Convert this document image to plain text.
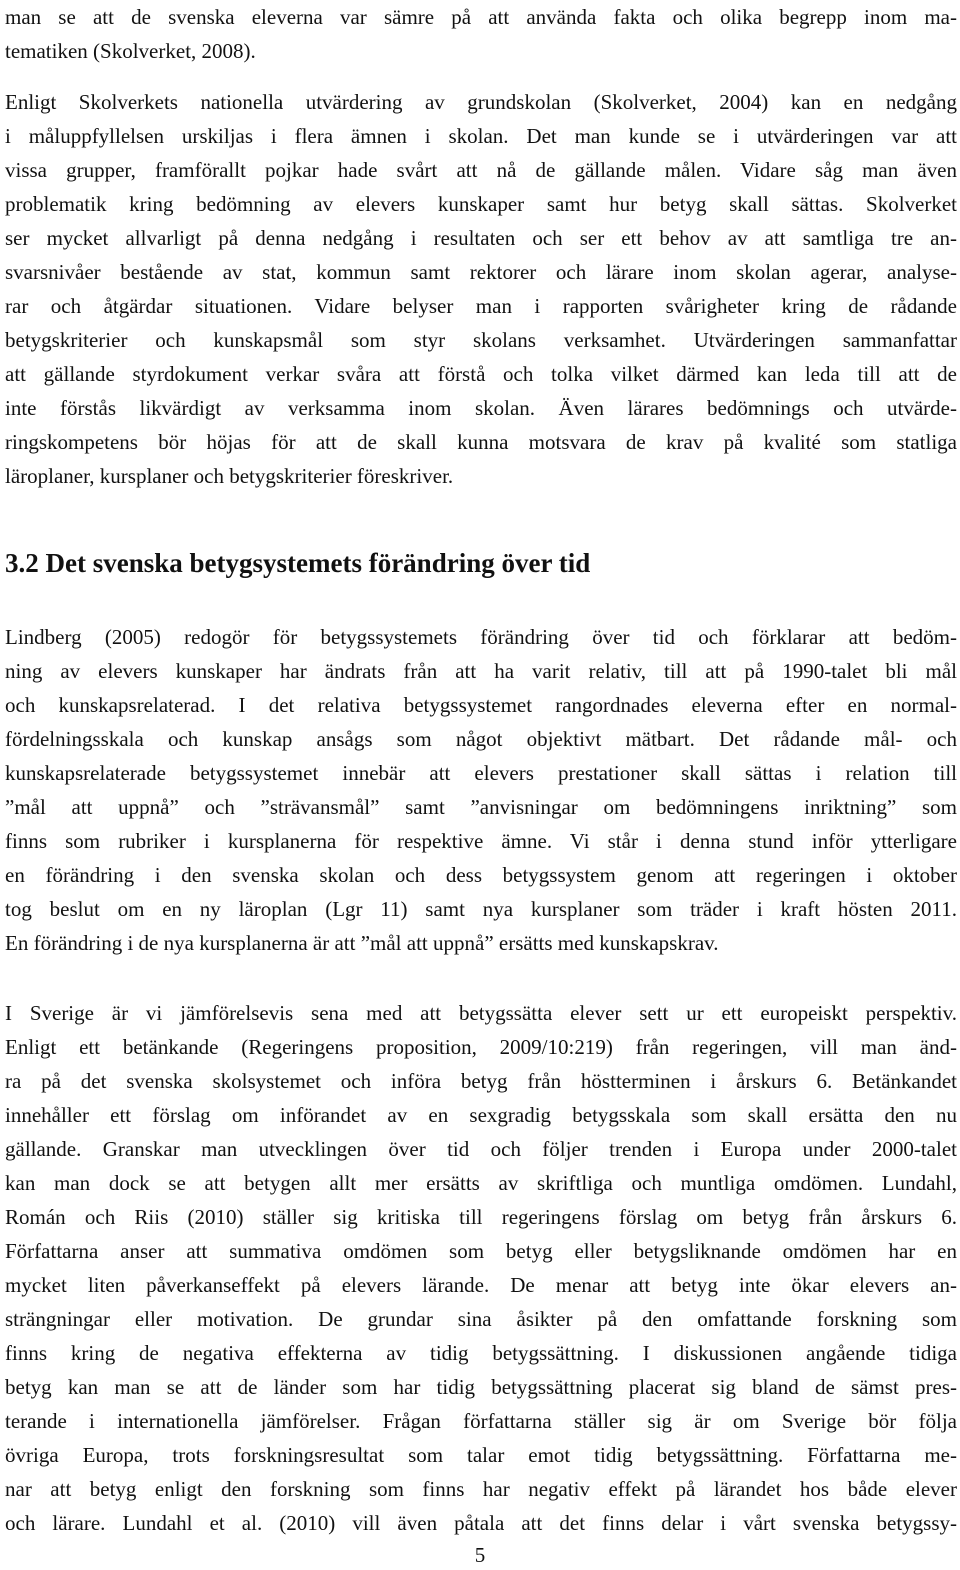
man se att de svenska eleverna var sämre på att använda fakta och olika begrepp inom ma-
tematiken (Skolverket, 2008).

Enligt Skolverkets nationella utvärdering av grundskolan (Skolverket, 2004) kan en nedgång
i måluppfyllelsen urskiljas i flera ämnen i skolan. Det man kunde se i utvärderingen var att
vissa grupper, framförallt pojkar hade svårt att nå de gällande målen. Vidare såg man även
problematik kring bedömning av elevers kunskaper samt hur betyg skall sättas. Skolverket
ser mycket allvarligt på denna nedgång i resultaten och ser ett behov av att samtliga tre an-
svarsnivåer bestående av stat, kommun samt rektorer och lärare inom skolan agerar, analyse-
rar och åtgärdar situationen. Vidare belyser man i rapporten svårigheter kring de rådande
betygskriterier och kunskapsmål som styr skolans verksamhet. Utvärderingen sammanfattar
att gällande styrdokument verkar svåra att förstå och tolka vilket därmed kan leda till att de
inte förstås likvärdigt av verksamma inom skolan. Även lärares bedömnings och utvärde-
ringskompetens bör höjas för att de skall kunna motsvara de krav på kvalité som statliga
läroplaner, kursplaner och betygskriterier föreskriver.

3.2 Det svenska betygsystemets förändring över tid

Lindberg (2005) redogör för betygssystemets förändring över tid och förklarar att bedöm-
ning av elevers kunskaper har ändrats från att ha varit relativ, till att på 1990-talet bli mål
och kunskapsrelaterad. I det relativa betygssystemet rangordnades eleverna efter en normal-
fördelningsskala och kunskap ansågs som något objektivt mätbart. Det rådande mål- och
kunskapsrelaterade betygssystemet innebär att elevers prestationer skall sättas i relation till
”mål att uppnå” och ”strävansmål” samt ”anvisningar om bedömningens inriktning” som
finns som rubriker i kursplanerna för respektive ämne. Vi står i denna stund inför ytterligare
en förändring i den svenska skolan och dess betygssystem genom att regeringen i oktober
tog beslut om en ny läroplan (Lgr 11) samt nya kursplaner som träder i kraft hösten 2011.
En förändring i de nya kursplanerna är att ”mål att uppnå” ersätts med kunskapskrav.

I Sverige är vi jämförelsevis sena med att betygssätta elever sett ur ett europeiskt perspektiv.
Enligt ett betänkande (Regeringens proposition, 2009/10:219) från regeringen, vill man änd-
ra på det svenska skolsystemet och införa betyg från höstterminen i årskurs 6. Betänkandet
innehåller ett förslag om införandet av en sexgradig betygsskala som skall ersätta den nu
gällande. Granskar man utvecklingen över tid och följer trenden i Europa under 2000-talet
kan man dock se att betygen allt mer ersätts av skriftliga och muntliga omdömen. Lundahl,
Román och Riis (2010) ställer sig kritiska till regeringens förslag om betyg från årskurs 6.
Författarna anser att summativa omdömen som betyg eller betygsliknande omdömen har en
mycket liten påverkanseffekt på elevers lärande. De menar att betyg inte ökar elevers an-
strängningar eller motivation. De grundar sina åsikter på den omfattande forskning som
finns kring de negativa effekterna av tidig betygssättning. I diskussionen angående tidiga
betyg kan man se att de länder som har tidig betygssättning placerat sig bland de sämst pres-
terande i internationella jämförelser. Frågan författarna ställer sig är om Sverige bör följa
övriga Europa, trots forskningsresultat som talar emot tidig betygssättning. Författarna me-
nar att betyg enligt den forskning som finns har negativ effekt på lärandet hos både elever
och lärare. Lundahl et al. (2010) vill även påtala att det finns delar i vårt svenska betygssy-

5
